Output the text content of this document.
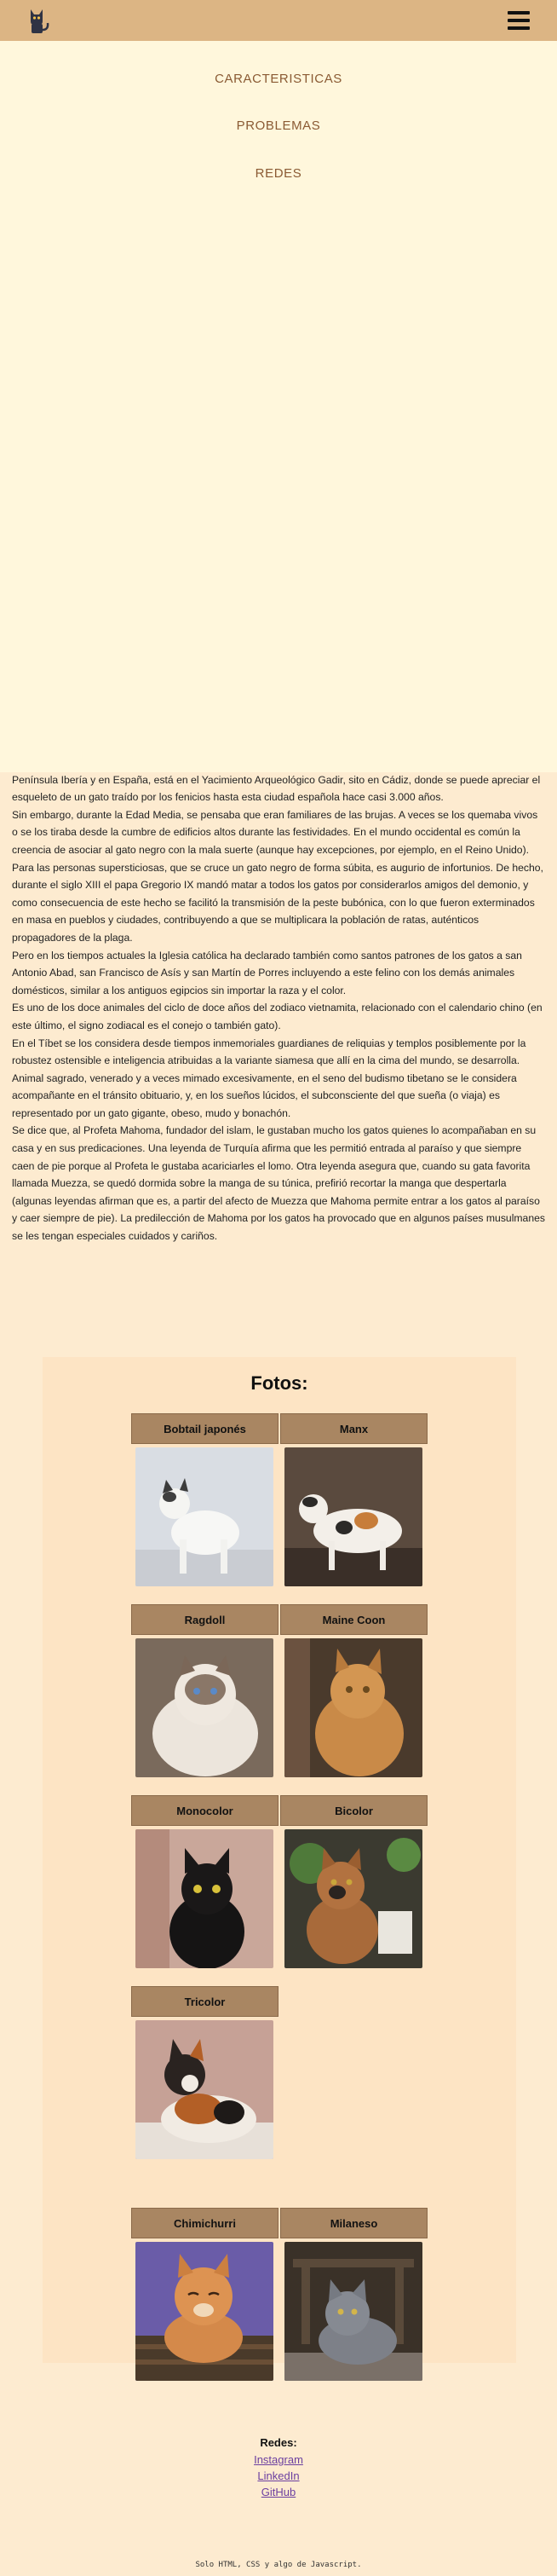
CARACTERISTICAS
PROBLEMAS
REDES

Península Ibería y en España, está en el Yacimiento Arqueológico Gadir, sito en Cádiz, donde se puede apreciar el esqueleto de un gato traído por los fenicios hasta esta ciudad española hace casi 3.000 años.

Sin embargo, durante la Edad Media, se pensaba que eran familiares de las brujas. A veces se los quemaba vivos o se los tiraba desde la cumbre de edificios altos durante las festividades. En el mundo occidental es común la creencia de asociar al gato negro con la mala suerte (aunque hay excepciones, por ejemplo, en el Reino Unido). Para las personas supersticiosas, que se cruce un gato negro de forma súbita, es augurio de infortunios. De hecho, durante el siglo XIII el papa Gregorio IX mandó matar a todos los gatos por considerarlos amigos del demonio, y como consecuencia de este hecho se facilitó la transmisión de la peste bubónica, con lo que fueron exterminados en masa en pueblos y ciudades, contribuyendo a que se multiplicara la población de ratas, auténticos propagadores de la plaga.

Pero en los tiempos actuales la Iglesia católica ha declarado también como santos patrones de los gatos a san Antonio Abad, san Francisco de Asís y san Martín de Porres incluyendo a este felino con los demás animales domésticos, similar a los antiguos egipcios sin importar la raza y el color.

Es uno de los doce animales del ciclo de doce años del zodiaco vietnamita, relacionado con el calendario chino (en este último, el signo zodiacal es el conejo o también gato).

En el Tíbet se los considera desde tiempos inmemoriales guardianes de reliquias y templos posiblemente por la robustez ostensible e inteligencia atribuidas a la variante siamesa que allí en la cima del mundo, se desarrolla. Animal sagrado, venerado y a veces mimado excesivamente, en el seno del budismo tibetano se le considera acompañante en el tránsito obituario, y, en los sueños lúcidos, el subconsciente del que sueña (o viaja) es representado por un gato gigante, obeso, mudo y bonachón.

Se dice que, al Profeta Mahoma, fundador del islam, le gustaban mucho los gatos quienes lo acompañaban en su casa y en sus predicaciones. Una leyenda de Turquía afirma que les permitió entrada al paraíso y que siempre caen de pie porque al Profeta le gustaba acariciarles el lomo. Otra leyenda asegura que, cuando su gata favorita llamada Muezza, se quedó dormida sobre la manga de su túnica, prefirió recortar la manga que despertarla (algunas leyendas afirman que es, a partir del afecto de Muezza que Mahoma permite entrar a los gatos al paraíso y caer siempre de pie). La predilección de Mahoma por los gatos ha provocado que en algunos países musulmanes se les tengan especiales cuidados y cariños.

Fotos:
Bobtail japonés	Manx
Ragdoll	Maine Coon
Monocolor	Bicolor
Tricolor
Chimichurri	Milaneso
Redes:
Instagram
LinkedIn
GitHub
Solo HTML, CSS y algo de Javascript.
